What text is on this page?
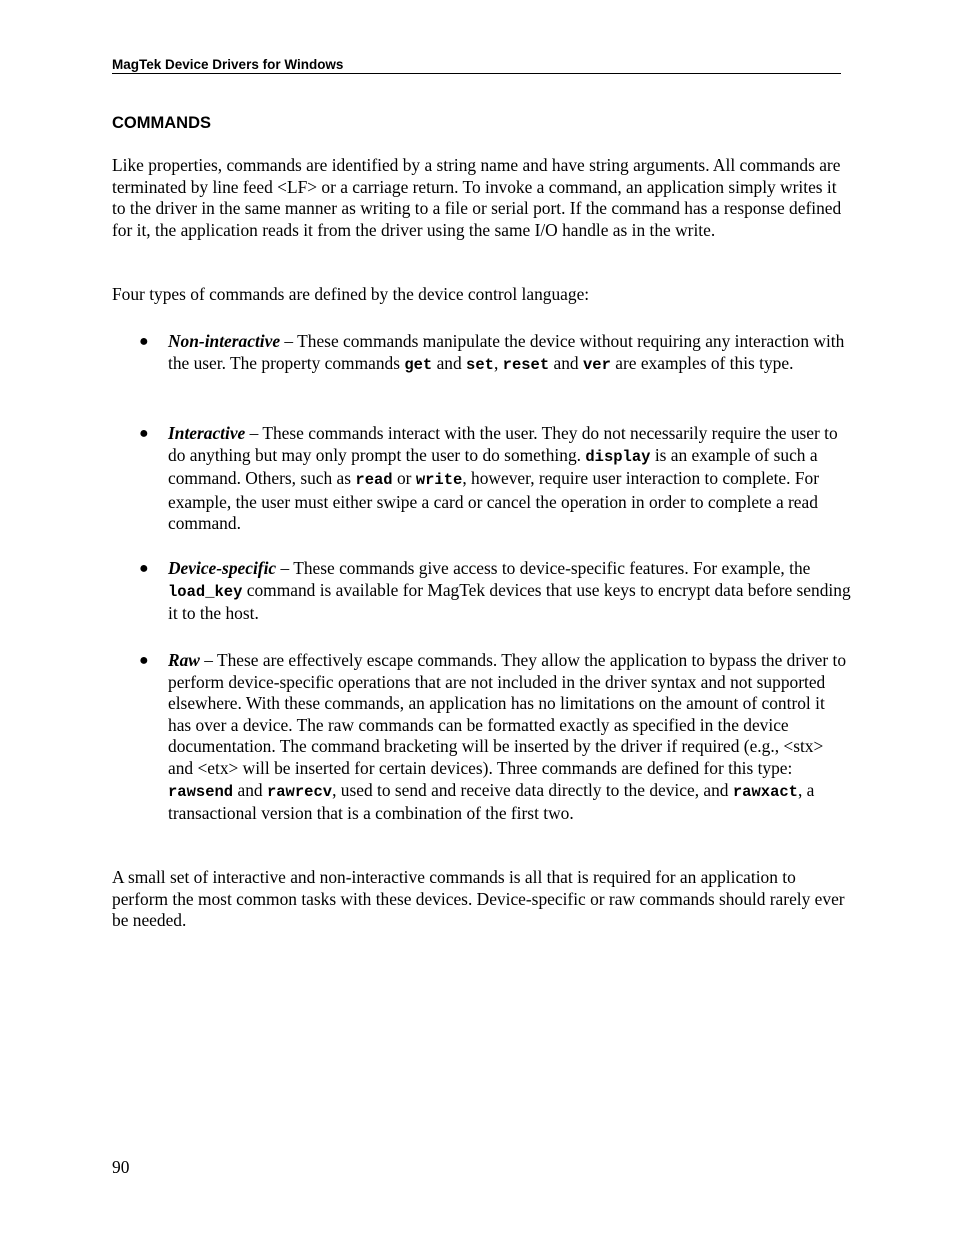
MagTek Device Drivers for Windows
COMMANDS

Like properties, commands are identified by a string name and have string arguments. All commands are terminated by line feed <LF> or a carriage return. To invoke a command, an application simply writes it to the driver in the same manner as writing to a file or serial port. If the command has a response defined for it, the application reads it from the driver using the same I/O handle as in the write.

Four types of commands are defined by the device control language:

● Non-interactive – These commands manipulate the device without requiring any interaction with the user. The property commands get and set, reset and ver are examples of this type.
● Interactive – These commands interact with the user. They do not necessarily require the user to do anything but may only prompt the user to do something. display is an example of such a command. Others, such as read or write, however, require user interaction to complete. For example, the user must either swipe a card or cancel the operation in order to complete a read command.
● Device-specific – These commands give access to device-specific features. For example, the load_key command is available for MagTek devices that use keys to encrypt data before sending it to the host.
● Raw – These are effectively escape commands. They allow the application to bypass the driver to perform device-specific operations that are not included in the driver syntax and not supported elsewhere. With these commands, an application has no limitations on the amount of control it has over a device. The raw commands can be formatted exactly as specified in the device documentation. The command bracketing will be inserted by the driver if required (e.g., <stx> and <etx> will be inserted for certain devices). Three commands are defined for this type: rawsend and rawrecv, used to send and receive data directly to the device, and rawxact, a transactional version that is a combination of the first two.

A small set of interactive and non-interactive commands is all that is required for an application to perform the most common tasks with these devices. Device-specific or raw commands should rarely ever be needed.

90
